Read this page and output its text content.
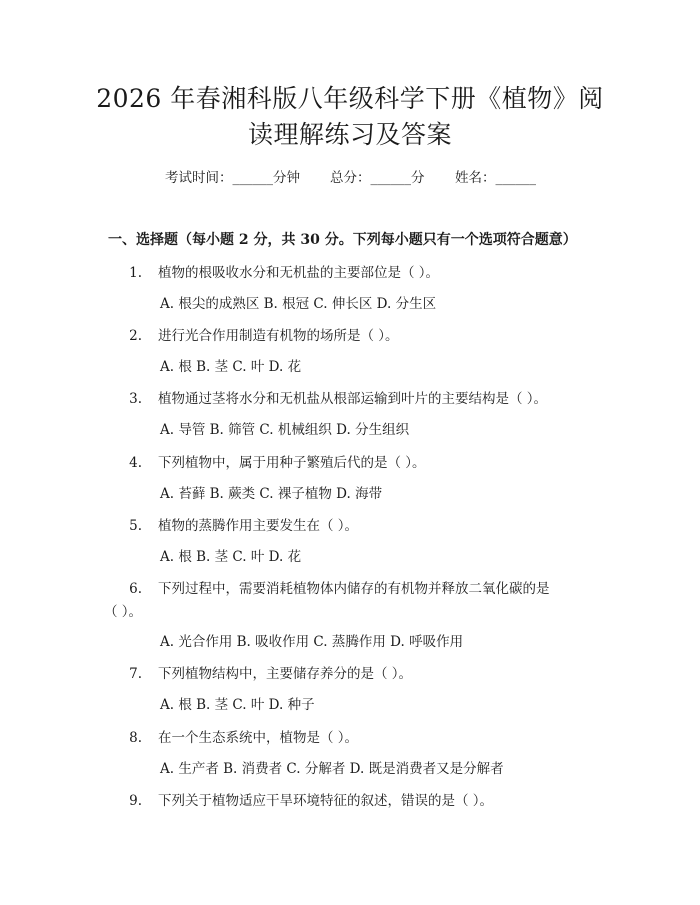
2026 年春湘科版八年级科学下册《植物》阅
读理解练习及答案
考试时间：______分钟 总分：______分 姓名：______
一、选择题（每小题 2 分，共 30 分。下列每小题只有一个选项符合题意）
1. 植物的根吸收水分和无机盐的主要部位是（ ）。
A. 根尖的成熟区 B. 根冠 C. 伸长区 D. 分生区
2. 进行光合作用制造有机物的场所是（ ）。
A. 根 B. 茎 C. 叶 D. 花
3. 植物通过茎将水分和无机盐从根部运输到叶片的主要结构是（ ）。
A. 导管 B. 筛管 C. 机械组织 D. 分生组织
4. 下列植物中，属于用种子繁殖后代的是（ ）。
A. 苔藓 B. 蕨类 C. 裸子植物 D. 海带
5. 植物的蒸腾作用主要发生在（ ）。
A. 根 B. 茎 C. 叶 D. 花
6. 下列过程中，需要消耗植物体内储存的有机物并释放二氧化碳的是
（ ）。
A. 光合作用 B. 吸收作用 C. 蒸腾作用 D. 呼吸作用
7. 下列植物结构中，主要储存养分的是（ ）。
A. 根 B. 茎 C. 叶 D. 种子
8. 在一个生态系统中，植物是（ ）。
A. 生产者 B. 消费者 C. 分解者 D. 既是消费者又是分解者
9. 下列关于植物适应干旱环境特征的叙述，错误的是（ ）。
